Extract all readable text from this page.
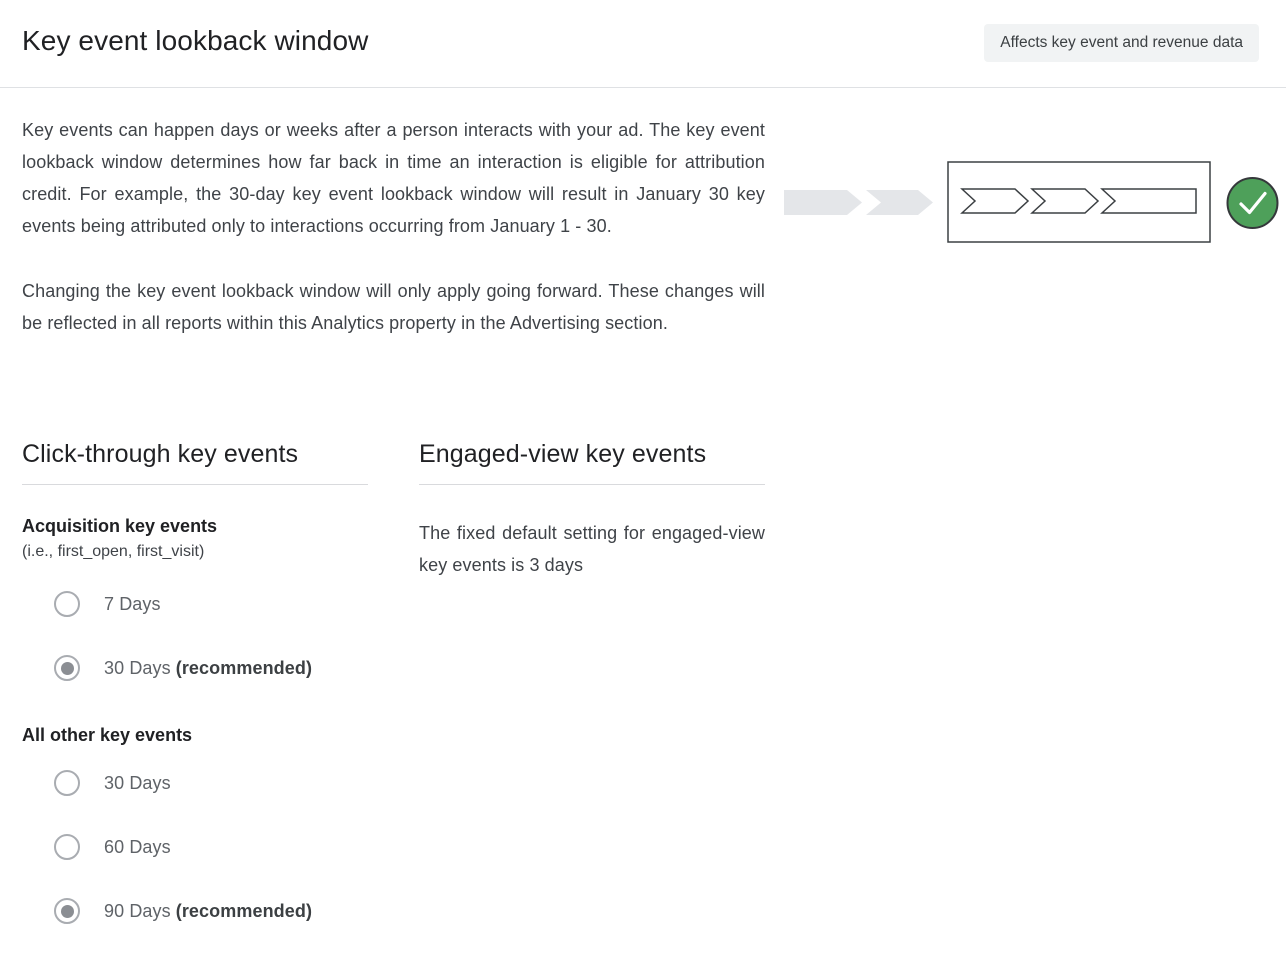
Key event lookback window	Affects key event and revenue data

Key events can happen days or weeks after a person interacts with your ad. The key event lookback window determines how far back in time an interaction is eligible for attribution credit. For example, the 30-day key event lookback window will result in January 30 key events being attributed only to interactions occurring from January 1 - 30.

Changing the key event lookback window will only apply going forward. These changes will be reflected in all reports within this Analytics property in the Advertising section.

Click-through key events
Acquisition key events
(i.e., first_open, first_visit)
7 Days
30 Days (recommended)
All other key events
30 Days
60 Days
90 Days (recommended)
Engaged-view key events

The fixed default setting for engaged-view key events is 3 days
